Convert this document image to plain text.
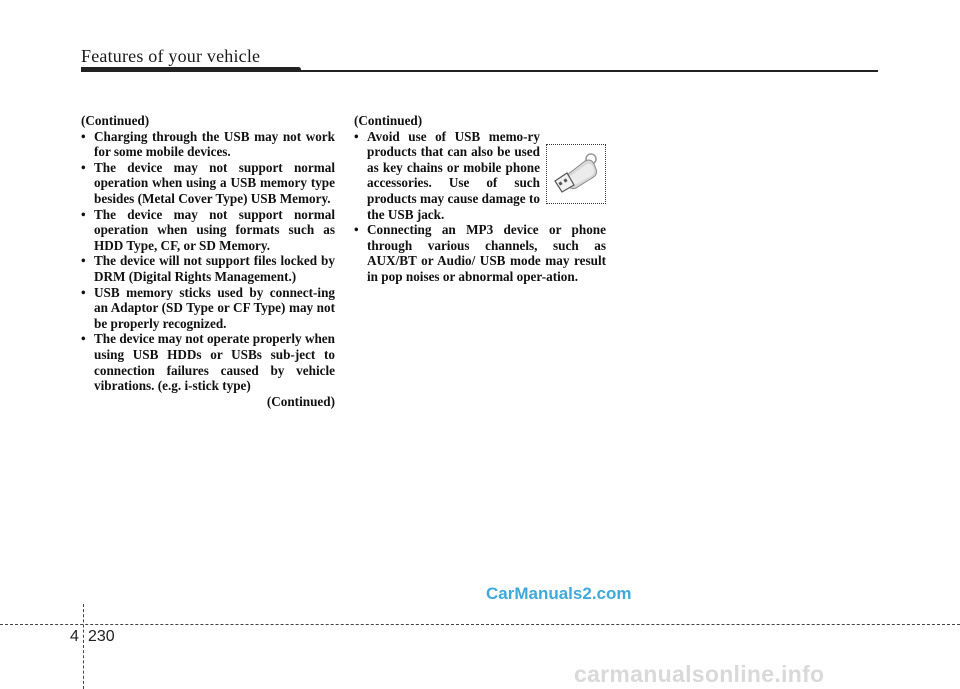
Features of your vehicle
(Continued)
• Charging through the USB may not work for some mobile devices.
• The device may not support normal operation when using a USB memory type besides (Metal Cover Type) USB Memory.
• The device may not support normal operation when using formats such as HDD Type, CF, or SD Memory.
• The device will not support files locked by DRM (Digital Rights Management.)
• USB memory sticks used by connect-ing an Adaptor (SD Type or CF Type) may not be properly recognized.
• The device may not operate properly when using USB HDDs or USBs sub-ject to connection failures caused by vehicle vibrations. (e.g. i-stick type)
(Continued)
(Continued)
• Avoid use of USB memo-ry products that can also be used as key chains or mobile phone accessories. Use of such products may cause damage to the USB jack.
• Connecting an MP3 device or phone through various channels, such as AUX/BT or Audio/ USB mode may result in pop noises or abnormal oper-ation.
CarManuals2.com
4 230
carmanualsonline.info
